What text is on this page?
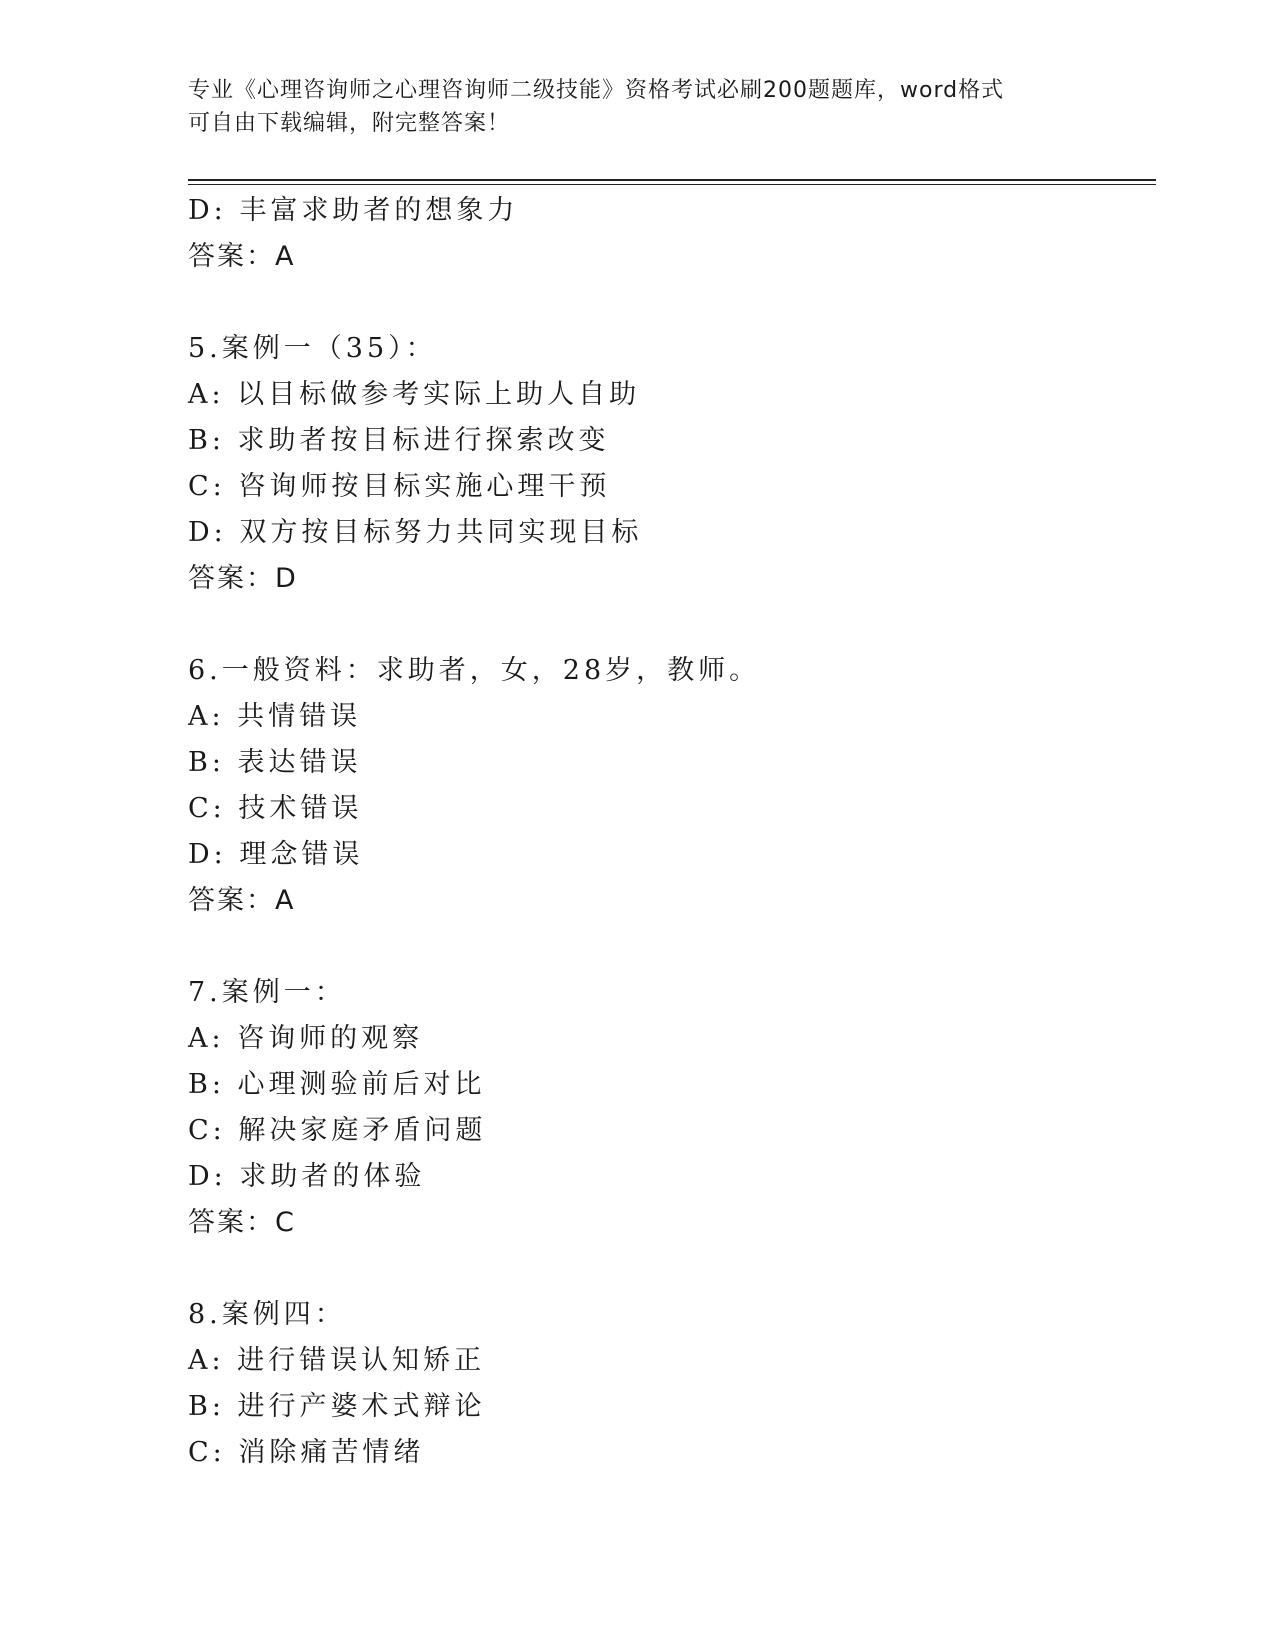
专业《心理咨询师之心理咨询师二级技能》资格考试必刷200题题库，word格式
可自由下载编辑，附完整答案！
D: 丰富求助者的想象力
答案：A
5.案例一（35）：
A: 以目标做参考实际上助人自助
B: 求助者按目标进行探索改变
C: 咨询师按目标实施心理干预
D: 双方按目标努力共同实现目标
答案：D
6.一般资料：求助者，女，28岁，教师。
A: 共情错误
B: 表达错误
C: 技术错误
D: 理念错误
答案：A
7.案例一：
A: 咨询师的观察
B: 心理测验前后对比
C: 解决家庭矛盾问题
D: 求助者的体验
答案：C
8.案例四：
A: 进行错误认知矫正
B: 进行产婆术式辩论
C: 消除痛苦情绪
